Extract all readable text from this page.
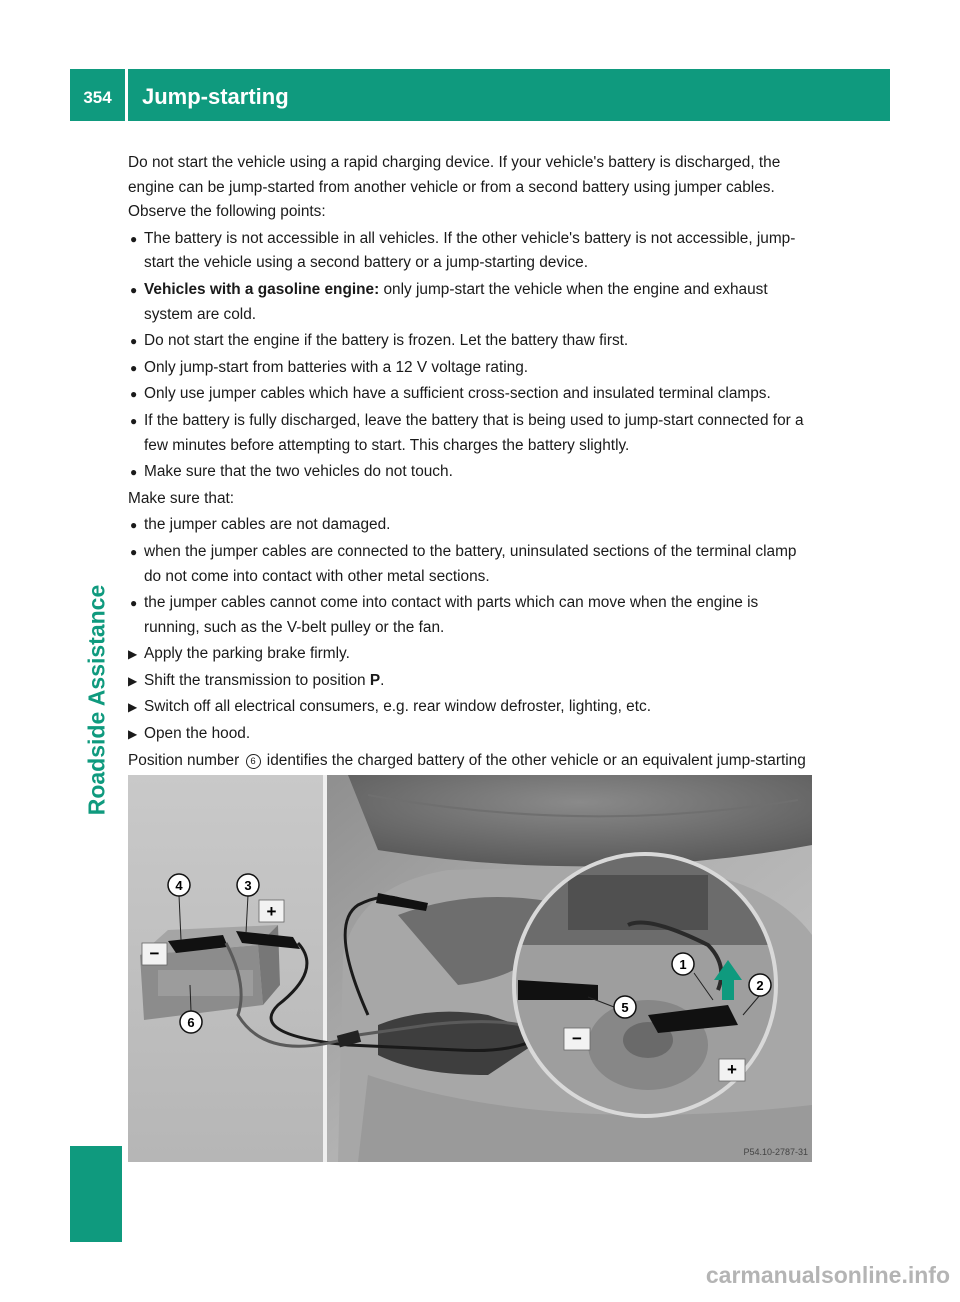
354	Jump-starting
Roadside Assistance

Do not start the vehicle using a rapid charging device. If your vehicle's battery is discharged, the engine can be jump-started from another vehicle or from a second battery using jumper cables. Observe the following points:

● The battery is not accessible in all vehicles. If the other vehicle's battery is not accessible, jump-start the vehicle using a second battery or a jump-starting device.
● Vehicles with a gasoline engine: only jump-start the vehicle when the engine and exhaust system are cold.
● Do not start the engine if the battery is frozen. Let the battery thaw first.
● Only jump-start from batteries with a 12 V voltage rating.
● Only use jumper cables which have a sufficient cross-section and insulated terminal clamps.
● If the battery is fully discharged, leave the battery that is being used to jump-start connected for a few minutes before attempting to start. This charges the battery slightly.
● Make sure that the two vehicles do not touch.

Make sure that:

● the jumper cables are not damaged.
● when the jumper cables are connected to the battery, uninsulated sections of the terminal clamp do not come into contact with other metal sections.
● the jumper cables cannot come into contact with parts which can move when the engine is running, such as the V-belt pulley or the fan.
▶ Apply the parking brake firmly.
▶ Shift the transmission to position P.
▶ Switch off all electrical consumers, e.g. rear window defroster, lighting, etc.
▶ Open the hood.

Position number 6 identifies the charged battery of the other vehicle or an equivalent jump-starting

+
−
−
+
1
2
3
4
5
6
P54.10-2787-31
carmanualsonline.info
